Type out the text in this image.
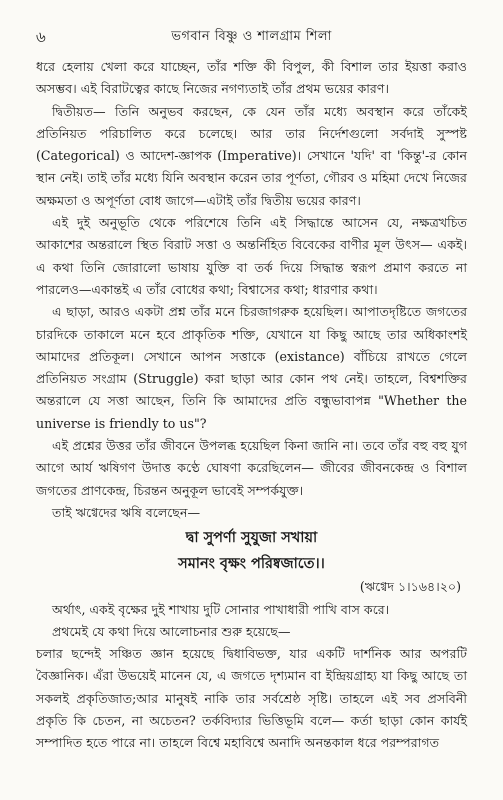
৬	ভগবান বিষ্ণু ও শালগ্রাম শিলা

ধরে হেলায় খেলা করে যাচ্ছেন, তাঁর শক্তি কী বিপুল, কী বিশাল তার ইয়ত্তা করাও অসম্ভব। এই বিরাটত্বের কাছে নিজের নগণ্যতাই তাঁর প্রথম ভয়ের কারণ।

দ্বিতীয়ত— তিনি অনুভব করছেন, কে যেন তাঁর মধ্যে অবস্থান করে তাঁকেই প্রতিনিয়ত পরিচালিত করে চলেছে। আর তার নির্দেশগুলো সর্বদাই সুস্পষ্ট (Categorical) ও আদেশ-জ্ঞাপক (Imperative)। সেখানে 'যদি' বা 'কিন্তু'-র কোন স্থান নেই। তাই তাঁর মধ্যে যিনি অবস্থান করেন তার পূর্ণতা, গৌরব ও মহিমা দেখে নিজের অক্ষমতা ও অপূর্ণতা বোধ জাগে—এটাই তাঁর দ্বিতীয় ভয়ের কারণ।

এই দুই অনুভূতি থেকে পরিশেষে তিনি এই সিদ্ধান্তে আসেন যে, নক্ষত্রখচিত আকাশের অন্তরালে স্থিত বিরাট সত্তা ও অন্তর্নিহিত বিবেকের বাণীর মূল উৎস— একই। এ কথা তিনি জোরালো ভাষায় যুক্তি বা তর্ক দিয়ে সিদ্ধান্ত স্বরূপ প্রমাণ করতে না পারলেও—একান্তই এ তাঁর বোধের কথা; বিশ্বাসের কথা; ধারণার কথা।

এ ছাড়া, আরও একটা প্রশ্ন তাঁর মনে চিরজাগরুক হয়েছিল। আপাতদৃষ্টিতে জগতের চারদিকে তাকালে মনে হবে প্রাকৃতিক শক্তি, যেখানে যা কিছু আছে তার অধিকাংশই আমাদের প্রতিকূল। সেখানে আপন সত্তাকে (existance) বাঁচিয়ে রাখতে গেলে প্রতিনিয়ত সংগ্রাম (Struggle) করা ছাড়া আর কোন পথ নেই। তাহলে, বিশ্বশক্তির অন্তরালে যে সত্তা আছেন, তিনি কি আমাদের প্রতি বন্ধুভাবাপন্ন "Whether the universe is friendly to us"?

এই প্রশ্নের উত্তর তাঁর জীবনে উপলব্ধ হয়েছিল কিনা জানি না। তবে তাঁর বহু বহু যুগ আগে আর্য ঋষিগণ উদাত্ত কণ্ঠে ঘোষণা করেছিলেন— জীবের জীবনকেন্দ্র ও বিশাল জগতের প্রাণকেন্দ্র, চিরন্তন অনুকূল ভাবেই সম্পর্কযুক্ত।

তাই ঋগ্বেদের ঋষি বলেছেন—

দ্বা সুপর্ণা সুযুজা সখায়া

সমানং বৃক্ষং পরিষ্বজাতে।।

(ঋগ্বেদ ১।১৬৪।২০)

অর্থাৎ, একই বৃক্ষের দুই শাখায় দুটি সোনার পাখাধারী পাখি বাস করে।

প্রথমেই যে কথা দিয়ে আলোচনার শুরু হয়েছে—

চলার ছন্দেই সঞ্চিত জ্ঞান হয়েছে দ্বিধাবিভক্ত, যার একটি দার্শনিক আর অপরটি বৈজ্ঞানিক। এঁরা উভয়েই মানেন যে, এ জগতে দৃশ্যমান বা ইন্দ্রিয়গ্রাহ্য যা কিছু আছে তা সকলই প্রকৃতিজাত;আর মানুষই নাকি তার সর্বশ্রেষ্ঠ সৃষ্টি। তাহলে এই সব প্রসবিনী প্রকৃতি কি চেতন, না অচেতন? তর্কবিদ্যার ভিত্তিভূমি বলে— কর্তা ছাড়া কোন কার্যই সম্পাদিত হতে পারে না। তাহলে বিশ্বে মহাবিশ্বে অনাদি অনন্তকাল ধরে পরম্পরাগত
